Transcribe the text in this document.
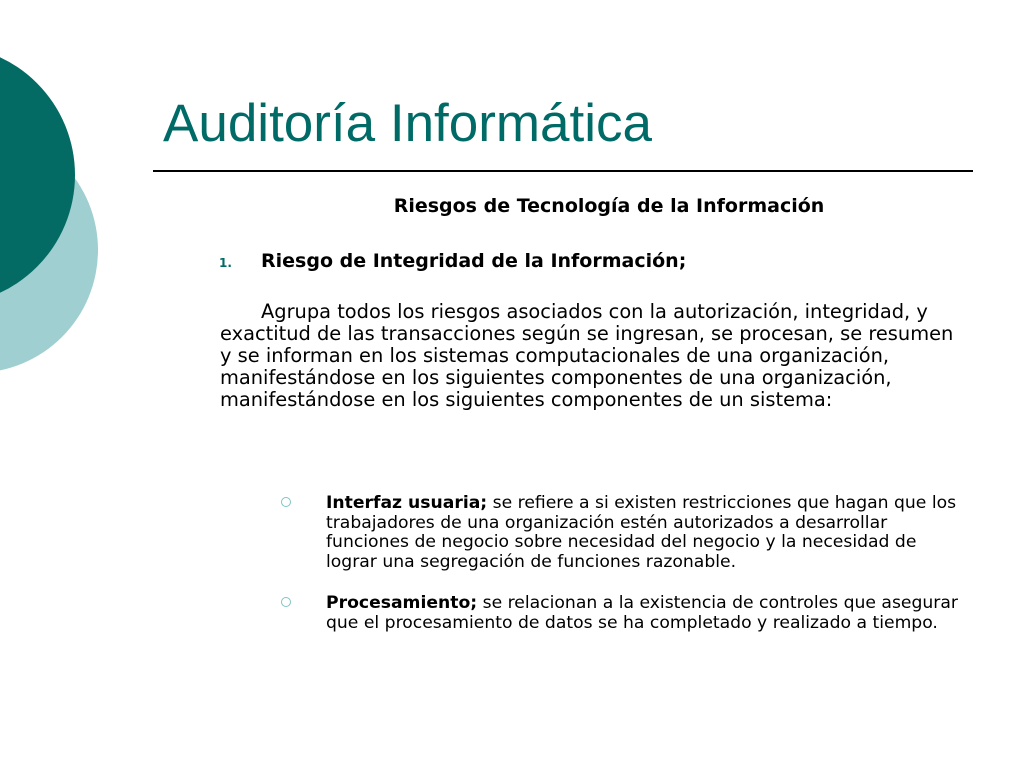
Auditoría Informática
Riesgos de Tecnología de la Información
1. Riesgo de Integridad de la Información;
Agrupa todos los riesgos asociados con la autorización, integridad, y exactitud de las transacciones según se ingresan, se procesan, se resumen y se informan en los sistemas computacionales de una organización, manifestándose en los siguientes componentes de una organización, manifestándose en los siguientes componentes de un sistema:
Interfaz usuaria; se refiere a si existen restricciones que hagan que los trabajadores de una organización estén autorizados a desarrollar funciones de negocio sobre necesidad del negocio y la necesidad de lograr una segregación de funciones razonable.
Procesamiento; se relacionan a la existencia de controles que asegurar que el procesamiento de datos se ha completado y realizado a tiempo.
